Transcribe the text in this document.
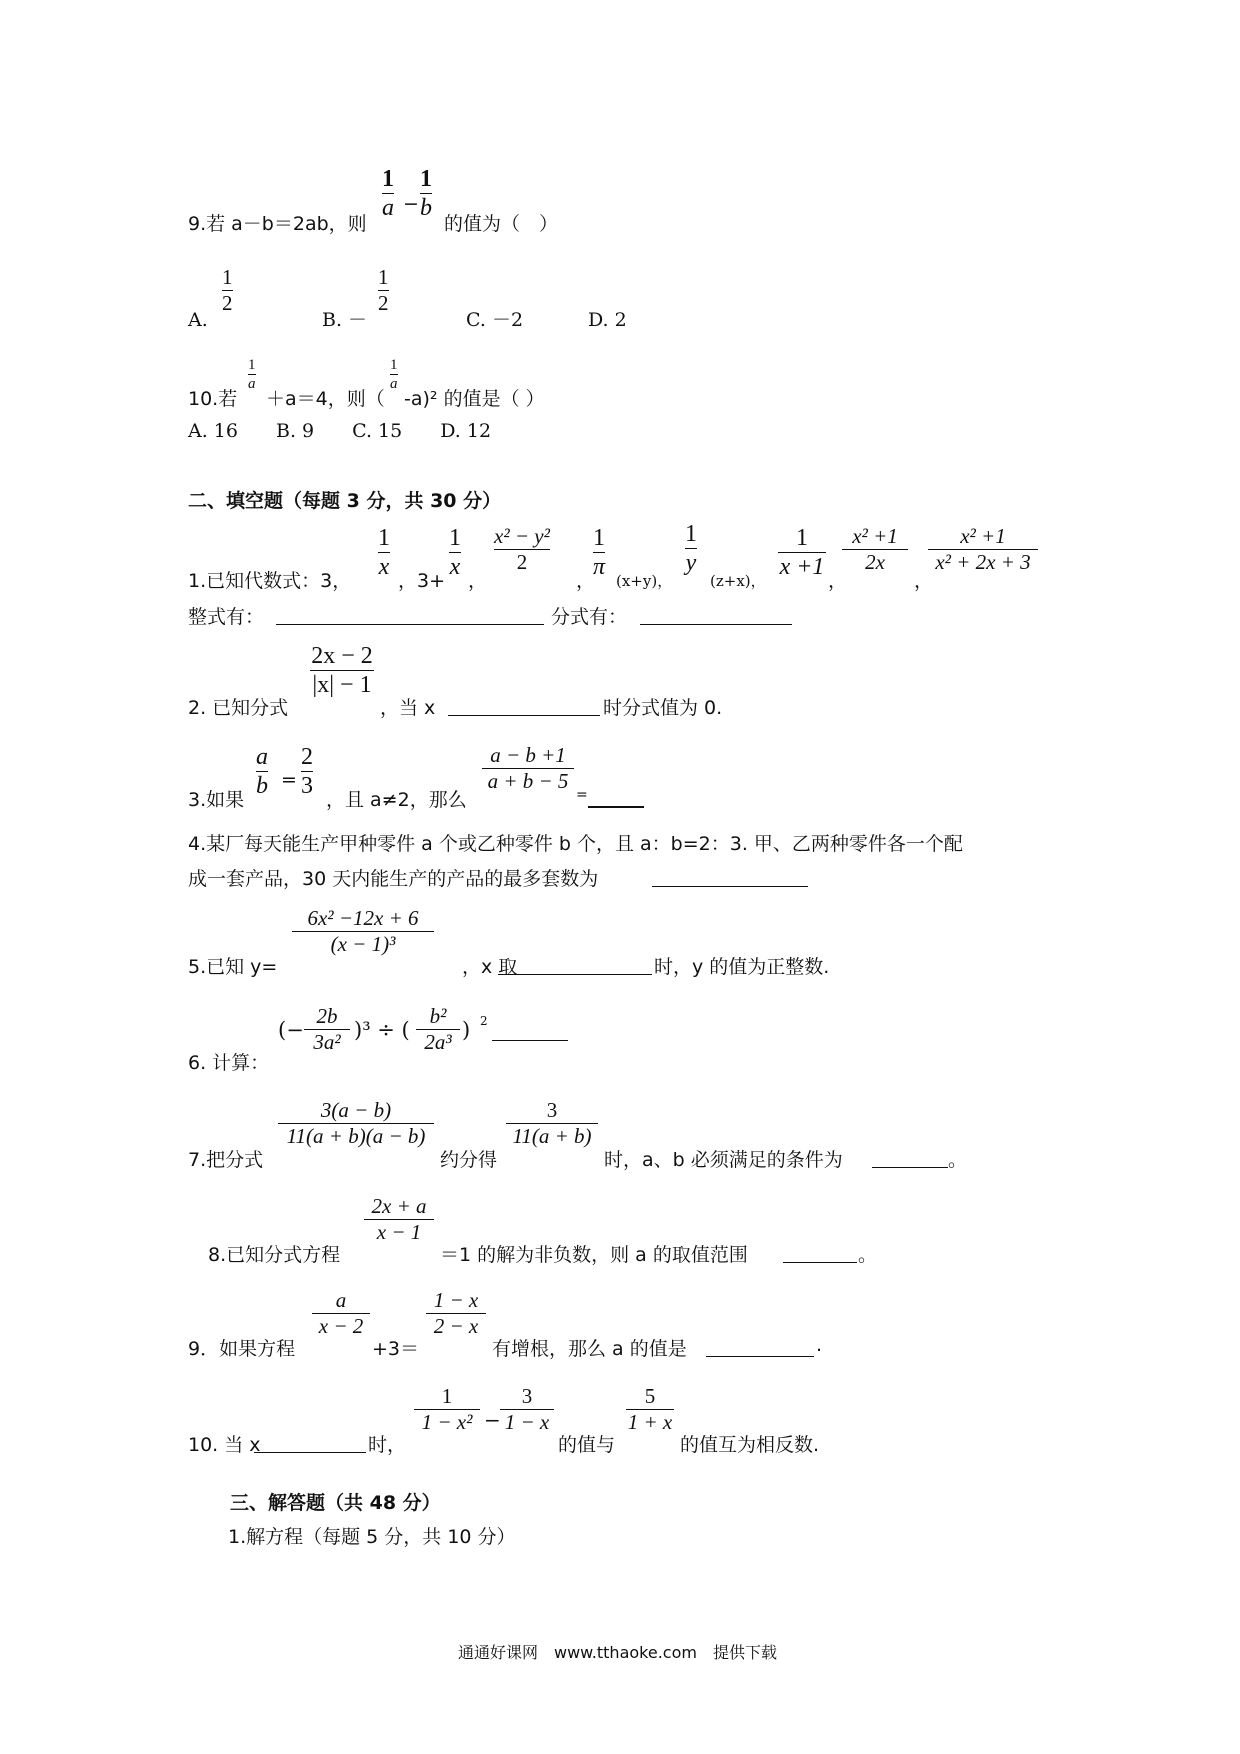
1
a −
1
b
9.若 a－b＝2ab，则	的值为（　）
1
2
1
2
A.	B. －	C. －2	D. 2
10.若
1
a
＋a＝4，则（
1
a
-a)² 的值是（ ）
A. 16　　B. 9　　C. 15　　D. 12
二、填空题（每题 3 分，共 30 分）
1.已知代数式：3，
1
x
，3+
1
x
，
x² − y²
2
，
1
π
(x+y)，
1
y
(z+x)，
1
x +1
，
x² +1
2x
，
x² +1
x² + 2x + 3
整式有：	分式有：
2. 已知分式
2x − 2
|x| − 1
，当 x	时分式值为 0.
3.如果
a
b =
2
3
，且 a≠2，那么
a − b +1
a + b − 5
=
4.某厂每天能生产甲种零件 a 个或乙种零件 b 个，且 a：b=2：3. 甲、乙两种零件各一个配
成一套产品，30 天内能生产的产品的最多套数为
5.已知 y=
6x² −12x + 6
(x − 1)³
，x 取	时，y 的值为正整数.
6. 计算：
(−
2b
3a² )³ ÷ (
b²
2a³ ) 2
7.把分式
3(a − b)
11(a + b)(a − b)
约分得
3
11(a + b)
时，a、b 必须满足的条件为	。
8.已知分式方程
2x + a
x − 1
＝1 的解为非负数，则 a 的取值范围	。
9．如果方程
a
x − 2
+3＝
1 − x
2 − x
有增根，那么 a 的值是	.
10. 当 x	时，
1
1 − x² −
3
1 − x
的值与
5
1 + x
的值互为相反数.
三、解答题（共 48 分）
1.解方程（每题 5 分，共 10 分）
通通好课网　www.tthaoke.com　提供下载
